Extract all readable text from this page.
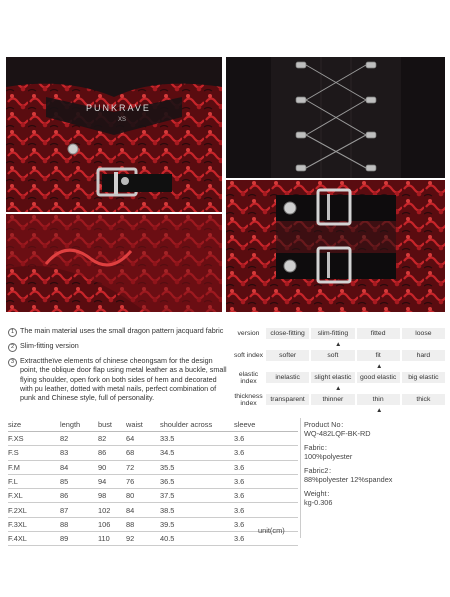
PUNKRAVE
XS
1 The main material uses the small dragon pattern jacquard fabric
2 Slim-fitting version
3 Extracttheïve elements of chinese cheongsam for the design point, the oblique door flap using metal leather as a buckle, small flying shoulder, open fork on both sides of hem and decorated with pu leather, dotted with metal nails, perfect combination of punk and Chinese style, full of personality.
version	close-fitting	slim-fitting	fitted	loose
▲
soft index	softer	soft	fit	hard
▲
elastic index	inelastic	slight elastic	good elastic	big elastic
▲
thickness index	transparent	thinner	thin	thick
▲
size	length	bust	waist	shoulder across	sleeve
F.XS	82	82	64	33.5	3.6
F.S	83	86	68	34.5	3.6
F.M	84	90	72	35.5	3.6
F.L	85	94	76	36.5	3.6
F.XL	86	98	80	37.5	3.6
F.2XL	87	102	84	38.5	3.6
F.3XL	88	106	88	39.5	3.6
F.4XL	89	110	92	40.5	3.6
unit(cm)

Product No：

WQ-482LQF-BK-RD

Fabric：

100%polyester

Fabric2：

88%polyester 12%spandex

Weight：

kg-0.306
